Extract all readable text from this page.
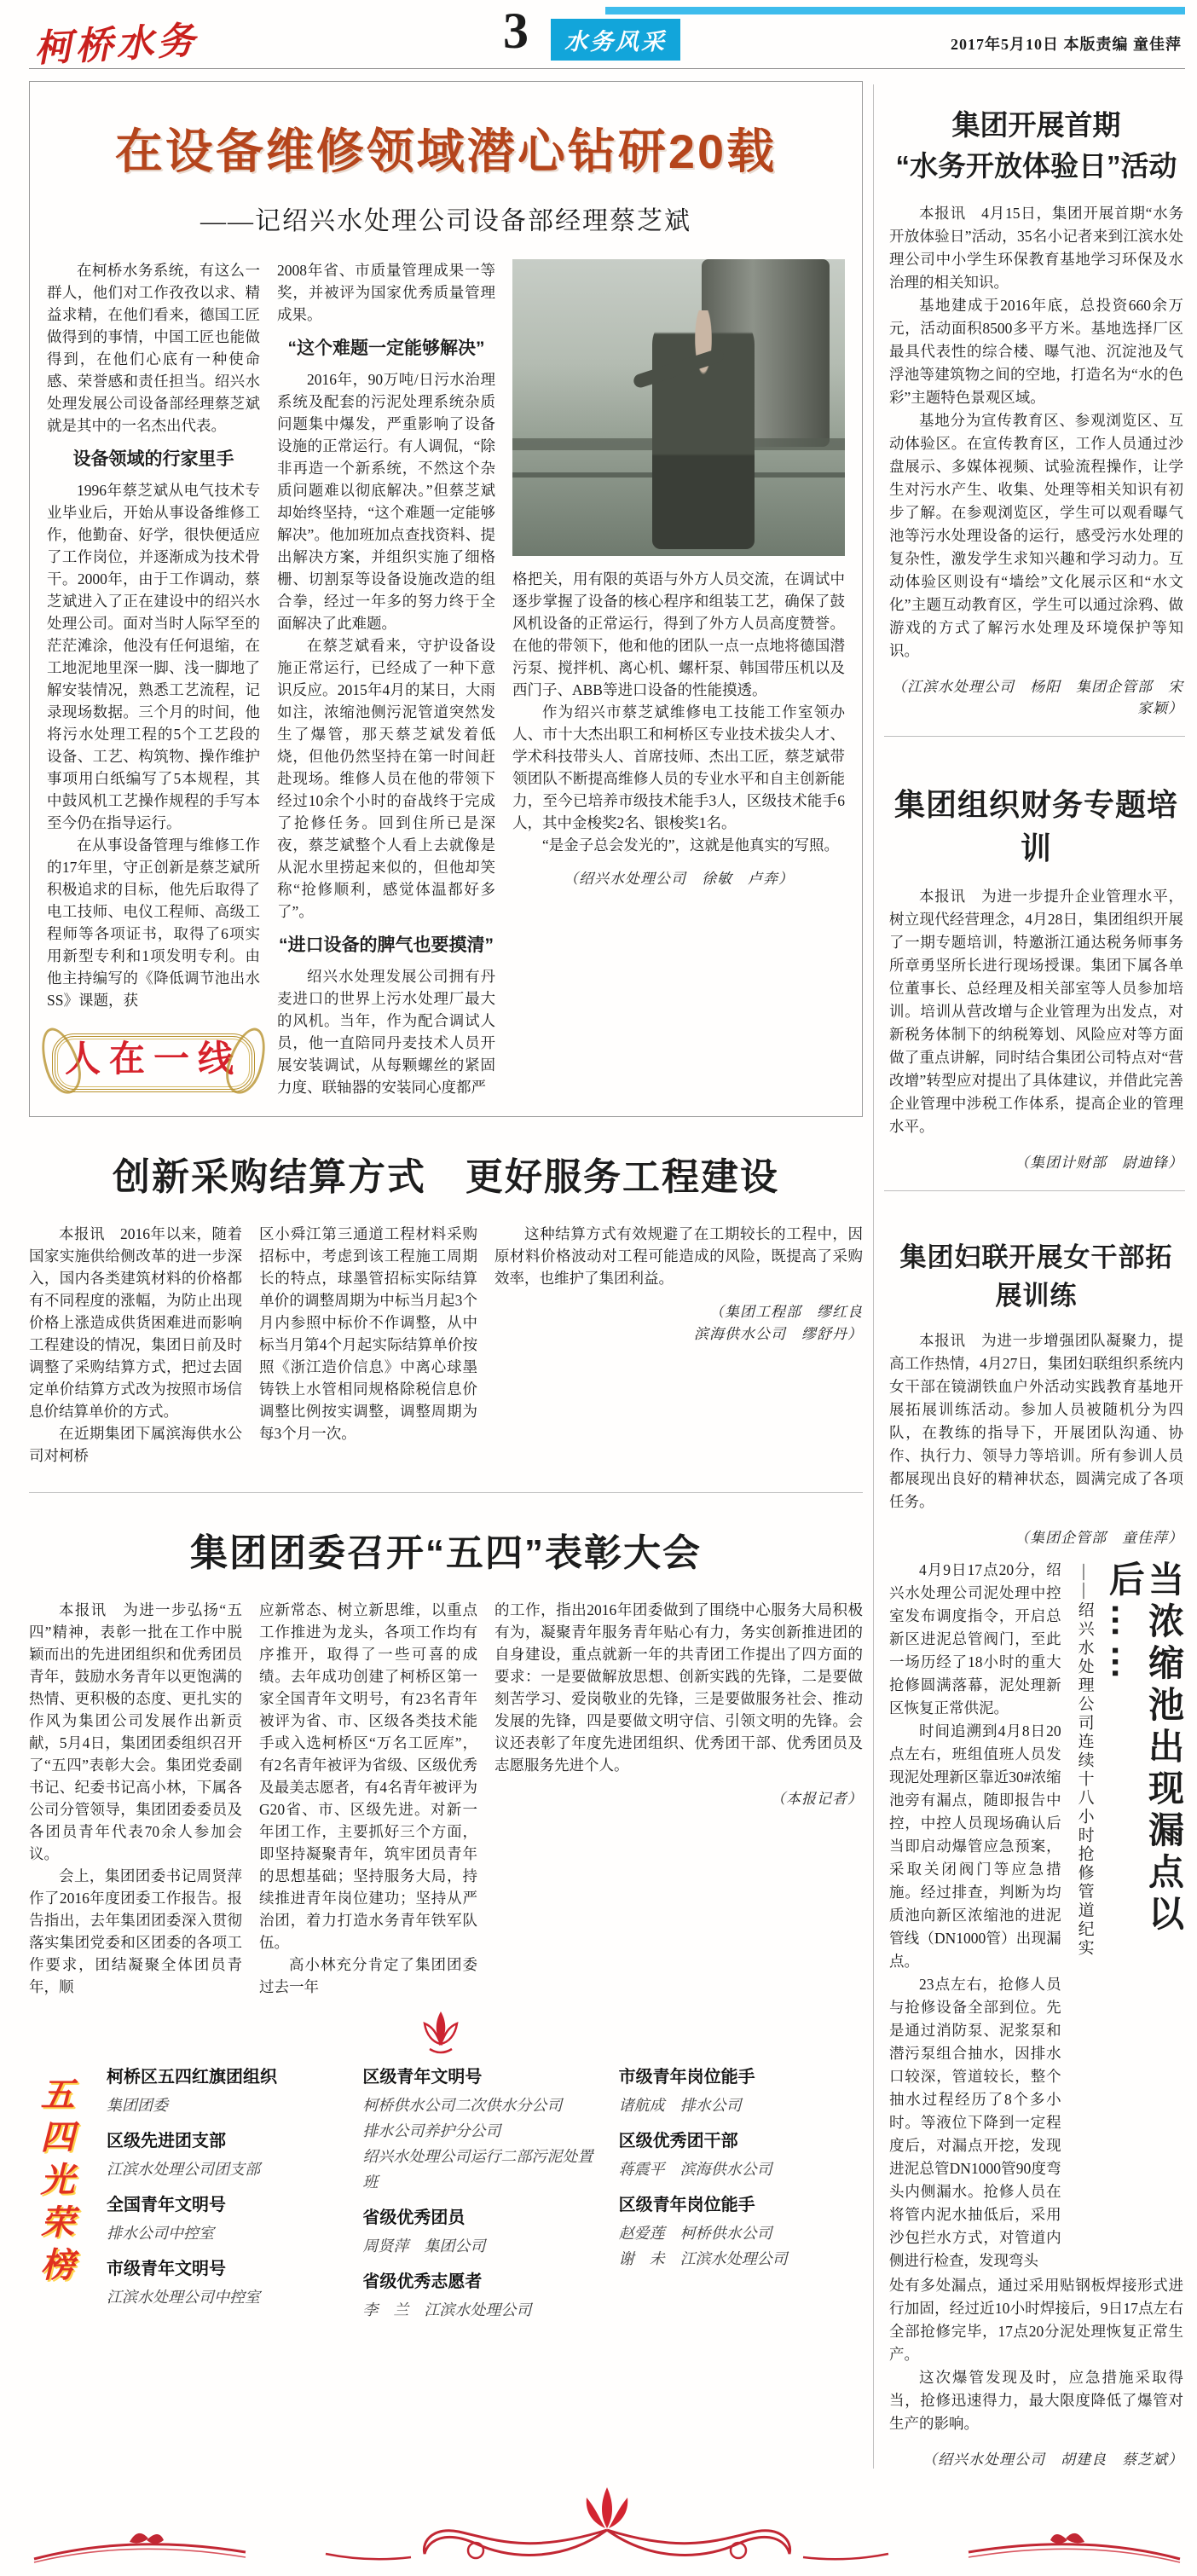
柯桥水务	3	水务风采	2017年5月10日 本版责编 童佳萍
在设备维修领域潜心钻研20载
——记绍兴水处理公司设备部经理蔡芝斌

在柯桥水务系统，有这么一群人，他们对工作孜孜以求、精益求精，在他们看来，德国工匠做得到的事情，中国工匠也能做得到，在他们心底有一种使命感、荣誉感和责任担当。绍兴水处理发展公司设备部经理蔡芝斌就是其中的一名杰出代表。

设备领域的行家里手

1996年蔡芝斌从电气技术专业毕业后，开始从事设备维修工作，他勤奋、好学，很快便适应了工作岗位，并逐渐成为技术骨干。2000年，由于工作调动，蔡芝斌进入了正在建设中的绍兴水处理公司。面对当时人际罕至的茫茫滩涂，他没有任何退缩，在工地泥地里深一脚、浅一脚地了解安装情况，熟悉工艺流程，记录现场数据。三个月的时间，他将污水处理工程的5个工艺段的设备、工艺、构筑物、操作维护事项用白纸编写了5本规程，其中鼓风机工艺操作规程的手写本至今仍在指导运行。

在从事设备管理与维修工作的17年里，守正创新是蔡芝斌所积极追求的目标，他先后取得了电工技师、电仪工程师、高级工程师等各项证书，取得了6项实用新型专利和1项发明专利。由他主持编写的《降低调节池出水SS》课题，获

人在一线

2008年省、市质量管理成果一等奖，并被评为国家优秀质量管理成果。

“这个难题一定能够解决”

2016年，90万吨/日污水治理系统及配套的污泥处理系统杂质问题集中爆发，严重影响了设备设施的正常运行。有人调侃，“除非再造一个新系统，不然这个杂质问题难以彻底解决。”但蔡芝斌却始终坚持，“这个难题一定能够解决”。他加班加点查找资料、提出解决方案，并组织实施了细格栅、切割泵等设备设施改造的组合拳，经过一年多的努力终于全面解决了此难题。

在蔡芝斌看来，守护设备设施正常运行，已经成了一种下意识反应。2015年4月的某日，大雨如注，浓缩池侧污泥管道突然发生了爆管，那天蔡芝斌发着低烧，但他仍然坚持在第一时间赶赴现场。维修人员在他的带领下经过10余个小时的奋战终于完成了抢修任务。回到住所已是深夜，蔡芝斌整个人看上去就像是从泥水里捞起来似的，但他却笑称“抢修顺利，感觉体温都好多了”。

“进口设备的脾气也要摸清”

绍兴水处理发展公司拥有丹麦进口的世界上污水处理厂最大的风机。当年，作为配合调试人员，他一直陪同丹麦技术人员开展安装调试，从每颗螺丝的紧固力度、联轴器的安装同心度都严

格把关，用有限的英语与外方人员交流，在调试中逐步掌握了设备的核心程序和组装工艺，确保了鼓风机设备的正常运行，得到了外方人员高度赞誉。在他的带领下，他和他的团队一点一点地将德国潜污泵、搅拌机、离心机、螺杆泵、韩国带压机以及西门子、ABB等进口设备的性能摸透。

作为绍兴市蔡芝斌维修电工技能工作室领办人、市十大杰出职工和柯桥区专业技术拔尖人才、学术科技带头人、首席技师、杰出工匠，蔡芝斌带领团队不断提高维修人员的专业水平和自主创新能力，至今已培养市级技术能手3人，区级技术能手6人，其中金梭奖2名、银梭奖1名。

“是金子总会发光的”，这就是他真实的写照。

（绍兴水处理公司　徐敏　卢奔）
创新采购结算方式　更好服务工程建设

本报讯　2016年以来，随着国家实施供给侧改革的进一步深入，国内各类建筑材料的价格都有不同程度的涨幅，为防止出现价格上涨造成供货困难进而影响工程建设的情况，集团日前及时调整了采购结算方式，把过去固定单价结算方式改为按照市场信息价结算单价的方式。

在近期集团下属滨海供水公司对柯桥

区小舜江第三通道工程材料采购招标中，考虑到该工程施工周期长的特点，球墨管招标实际结算单价的调整周期为中标当月起3个月内参照中标价不作调整，从中标当月第4个月起实际结算单价按照《浙江造价信息》中离心球墨铸铁上水管相同规格除税信息价调整比例按实调整，调整周期为每3个月一次。

这种结算方式有效规避了在工期较长的工程中，因原材料价格波动对工程可能造成的风险，既提高了采购效率，也维护了集团利益。

（集团工程部　缪红良
滨海供水公司　缪舒丹）
集团团委召开“五四”表彰大会

本报讯　为进一步弘扬“五四”精神，表彰一批在工作中脱颖而出的先进团组织和优秀团员青年，鼓励水务青年以更饱满的热情、更积极的态度、更扎实的作风为集团公司发展作出新贡献，5月4日，集团团委组织召开了“五四”表彰大会。集团党委副书记、纪委书记高小林，下属各公司分管领导，集团团委委员及各团员青年代表70余人参加会议。

会上，集团团委书记周贤萍作了2016年度团委工作报告。报告指出，去年集团团委深入贯彻落实集团党委和区团委的各项工作要求，团结凝聚全体团员青年，顺

应新常态、树立新思维，以重点工作推进为龙头，各项工作均有序推开，取得了一些可喜的成绩。去年成功创建了柯桥区第一家全国青年文明号，有23名青年被评为省、市、区级各类技术能手或入选柯桥区“万名工匠库”，有2名青年被评为省级、区级优秀及最美志愿者，有4名青年被评为G20省、市、区级先进。对新一年团工作，主要抓好三个方面，即坚持凝聚青年，筑牢团员青年的思想基础；坚持服务大局，持续推进青年岗位建功；坚持从严治团，着力打造水务青年铁军队伍。

高小林充分肯定了集团团委过去一年

的工作，指出2016年团委做到了围绕中心服务大局积极有为，凝聚青年服务青年贴心有力，务实创新推进团的自身建设，重点就新一年的共青团工作提出了四方面的要求：一是要做解放思想、创新实践的先锋，二是要做刻苦学习、爱岗敬业的先锋，三是要做服务社会、推动发展的先锋，四是要做文明守信、引领文明的先锋。会议还表彰了年度先进团组织、优秀团干部、优秀团员及志愿服务先进个人。

（本报记者）
五四光荣榜	柯桥区五四红旗团组织
集团团委
区级先进团支部
江滨水处理公司团支部
全国青年文明号
排水公司中控室
市级青年文明号
江滨水处理公司中控室
区级青年文明号
柯桥供水公司二次供水分公司
排水公司养护分公司
绍兴水处理公司运行二部污泥处置班
省级优秀团员
周贤萍　集团公司
省级优秀志愿者
李　兰　江滨水处理公司
市级青年岗位能手
诸航成　排水公司
区级优秀团干部
蒋震平　滨海供水公司
区级青年岗位能手
赵爱莲　柯桥供水公司
谢　未　江滨水处理公司
集团开展首期
“水务开放体验日”活动

本报讯　4月15日，集团开展首期“水务开放体验日”活动，35名小记者来到江滨水处理公司中小学生环保教育基地学习环保及水治理的相关知识。

基地建成于2016年底，总投资660余万元，活动面积8500多平方米。基地选择厂区最具代表性的综合楼、曝气池、沉淀池及气浮池等建筑物之间的空地，打造名为“水的色彩”主题特色景观区域。

基地分为宣传教育区、参观浏览区、互动体验区。在宣传教育区，工作人员通过沙盘展示、多媒体视频、试验流程操作，让学生对污水产生、收集、处理等相关知识有初步了解。在参观浏览区，学生可以观看曝气池等污水处理设备的运行，感受污水处理的复杂性，激发学生求知兴趣和学习动力。互动体验区则设有“墙绘”文化展示区和“水文化”主题互动教育区，学生可以通过涂鸦、做游戏的方式了解污水处理及环境保护等知识。

（江滨水处理公司　杨阳　集团企管部　宋家颖）
集团组织财务专题培训

本报讯　为进一步提升企业管理水平，树立现代经营理念，4月28日，集团组织开展了一期专题培训，特邀浙江通达税务师事务所章勇坚所长进行现场授课。集团下属各单位董事长、总经理及相关部室等人员参加培训。培训从营改增与企业管理为出发点，对新税务体制下的纳税筹划、风险应对等方面做了重点讲解，同时结合集团公司特点对“营改增”转型应对提出了具体建议，并借此完善企业管理中涉税工作体系，提高企业的管理水平。

（集团计财部　尉迪锋）
集团妇联开展女干部拓展训练

本报讯　为进一步增强团队凝聚力，提高工作热情，4月27日，集团妇联组织系统内女干部在镜湖铁血户外活动实践教育基地开展拓展训练活动。参加人员被随机分为四队，在教练的指导下，开展团队沟通、协作、执行力、领导力等培训。所有参训人员都展现出良好的精神状态，圆满完成了各项任务。

（集团企管部　童佳萍）

4月9日17点20分，绍兴水处理公司泥处理中控室发布调度指令，开启总新区进泥总管阀门，至此一场历经了18小时的重大抢修圆满落幕，泥处理新区恢复正常供泥。

时间追溯到4月8日20点左右，班组值班人员发现泥处理新区靠近30#浓缩池旁有漏点，随即报告中控，中控人员现场确认后当即启动爆管应急预案，采取关闭阀门等应急措施。经过排查，判断为均质池向新区浓缩池的进泥管线（DN1000管）出现漏点。

23点左右，抢修人员与抢修设备全部到位。先是通过消防泵、泥浆泵和潜污泵组合抽水，因排水口较深，管道较长，整个抽水过程经历了8个多小时。等液位下降到一定程度后，对漏点开挖，发现进泥总管DN1000管90度弯头内侧漏水。抢修人员在将管内泥水抽低后，采用沙包拦水方式，对管道内侧进行检查，发现弯头

——绍兴水处理公司连续十八小时抢修管道纪实	当浓缩池出现漏点以后……

处有多处漏点，通过采用贴钢板焊接形式进行加固，经过近10小时焊接后，9日17点左右全部抢修完毕，17点20分泥处理恢复正常生产。

这次爆管发现及时，应急措施采取得当，抢修迅速得力，最大限度降低了爆管对生产的影响。

（绍兴水处理公司　胡建良　蔡芝斌）
